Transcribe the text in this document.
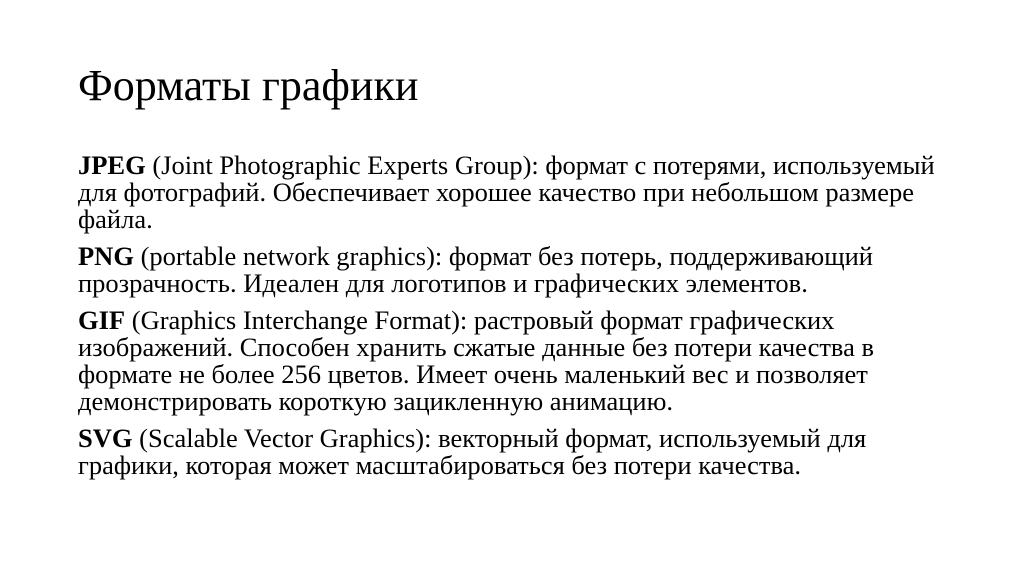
Форматы графики

JPEG (Joint Photographic Experts Group): формат с потерями, используемый для фотографий. Обеспечивает хорошее качество при небольшом размере файла.

PNG (portable network graphics): формат без потерь, поддерживающий прозрачность. Идеален для логотипов и графических элементов.

GIF (Graphics Interchange Format): растровый формат графических изображений. Способен хранить сжатые данные без потери качества в формате не более 256 цветов. Имеет очень маленький вес и позволяет демонстрировать короткую зацикленную анимацию.

SVG (Scalable Vector Graphics): векторный формат, используемый для графики, которая может масштабироваться без потери качества.
